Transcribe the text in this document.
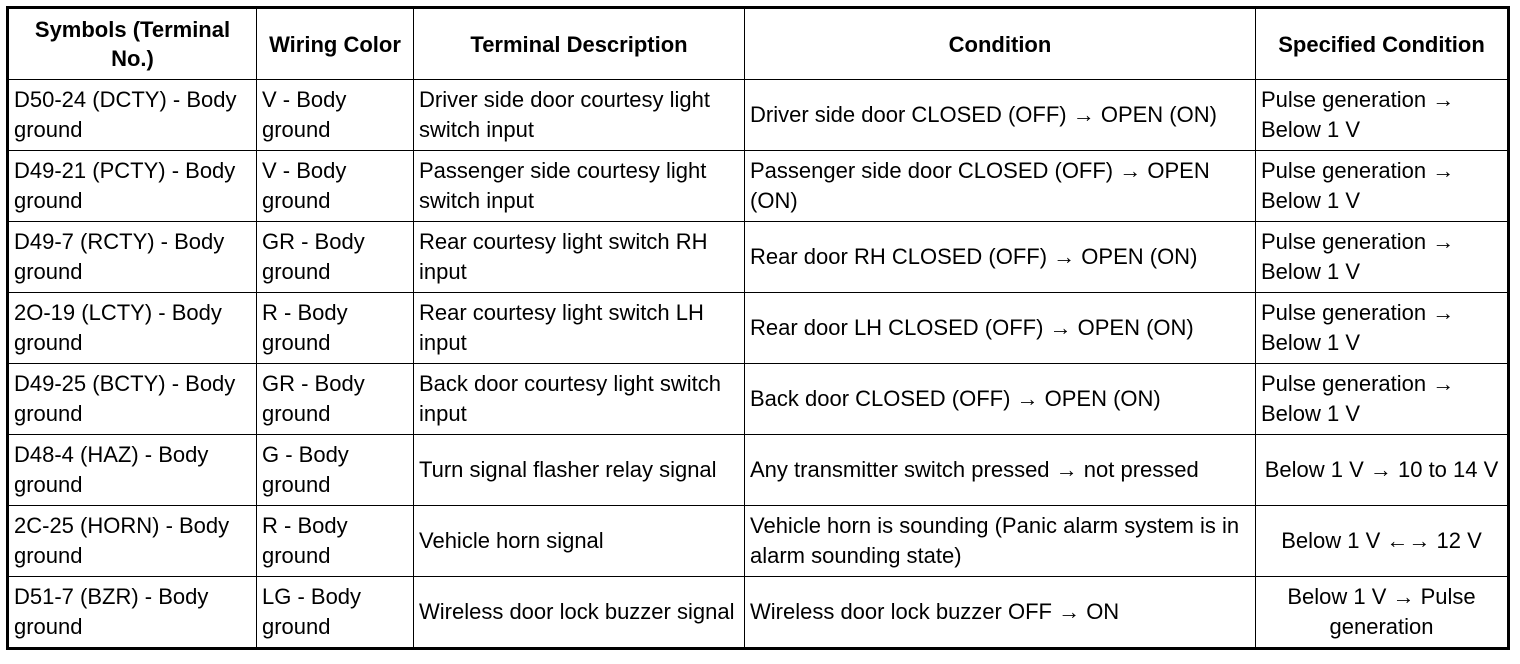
Symbols (Terminal No.)	Wiring Color	Terminal Description	Condition	Specified Condition
D50-24 (DCTY) - Body ground	V - Body ground	Driver side door courtesy light switch input	Driver side door CLOSED (OFF) → OPEN (ON)	Pulse generation → Below 1 V
D49-21 (PCTY) - Body ground	V - Body ground	Passenger side courtesy light switch input	Passenger side door CLOSED (OFF) → OPEN (ON)	Pulse generation → Below 1 V
D49-7 (RCTY) - Body ground	GR - Body ground	Rear courtesy light switch RH input	Rear door RH CLOSED (OFF) → OPEN (ON)	Pulse generation → Below 1 V
2O-19 (LCTY) - Body ground	R - Body ground	Rear courtesy light switch LH input	Rear door LH CLOSED (OFF) → OPEN (ON)	Pulse generation → Below 1 V
D49-25 (BCTY) - Body ground	GR - Body ground	Back door courtesy light switch input	Back door CLOSED (OFF) → OPEN (ON)	Pulse generation → Below 1 V
D48-4 (HAZ) - Body ground	G - Body ground	Turn signal flasher relay signal	Any transmitter switch pressed → not pressed	Below 1 V → 10 to 14 V
2C-25 (HORN) - Body ground	R - Body ground	Vehicle horn signal	Vehicle horn is sounding (Panic alarm system is in alarm sounding state)	Below 1 V ←→ 12 V
D51-7 (BZR) - Body ground	LG - Body ground	Wireless door lock buzzer signal	Wireless door lock buzzer OFF → ON	Below 1 V → Pulse generation
